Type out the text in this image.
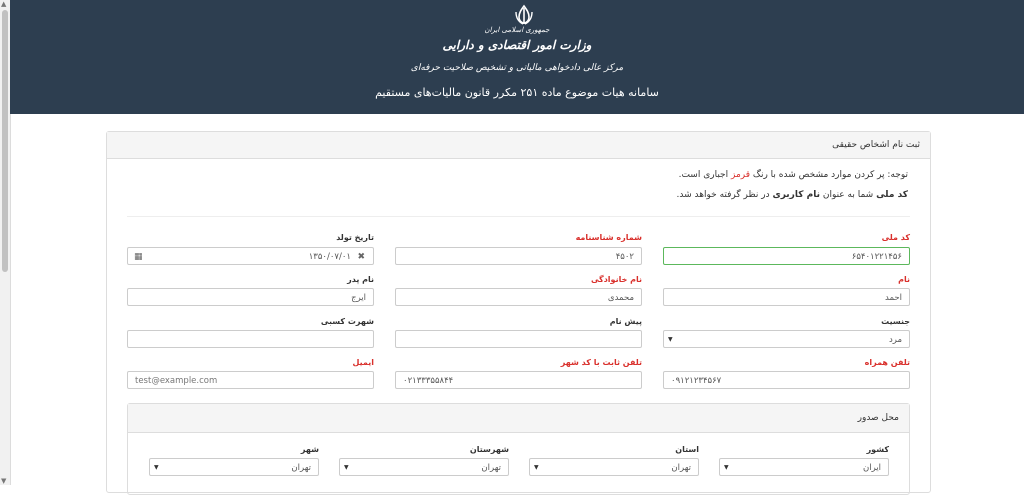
▲
▼
جمهوری اسلامی ایران
وزارت امور اقتصادی و دارایی
مرکز عالی دادخواهی مالیاتی و تشخیص صلاحیت حرفه‌ای
سامانه هیات موضوع ماده ۲۵۱ مکرر قانون مالیات‌های مستقیم
ثبت نام اشخاص حقیقی
توجه: پر کردن موارد مشخص شده با رنگ قرمز اجباری است.
کد ملی شما به عنوان نام کاربری در نظر گرفته خواهد شد.
کد ملی
۶۵۴۰۱۲۲۱۴۵۶
شماره شناسنامه
۴۵۰۲
تاریخ تولد
۱۳۵۰/۰۷/۰۱ ✖
▦
نام
احمد
نام خانوادگی
محمدی
نام پدر
ایرج
جنسیت
مرد
▼
پیش نام
شهرت کسبی
تلفن همراه
۰۹۱۲۱۲۳۴۵۶۷
تلفن ثابت با کد شهر
۰۲۱۳۳۳۵۵۸۴۴
ایمیل
test@example.com
محل صدور
کشور
ایران
▼
استان
تهران
▼
شهرستان
تهران
▼
شهر
تهران
▼
